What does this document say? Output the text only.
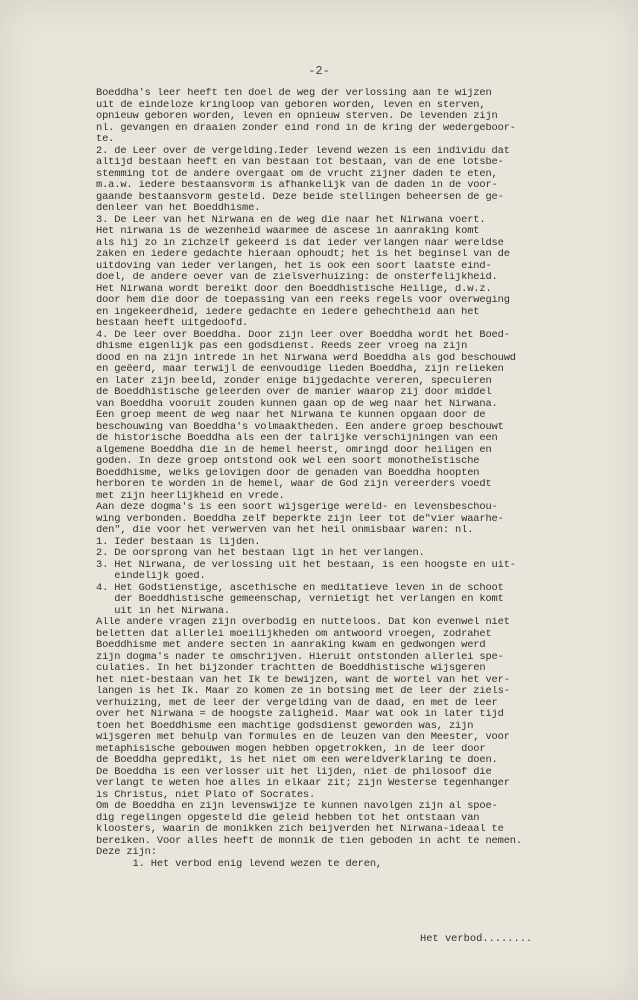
-2-
Boeddha's leer heeft ten doel de weg der verlossing aan te wijzen
uit de eindeloze kringloop van geboren worden, leven en sterven,
opnieuw geboren worden, leven en opnieuw sterven. De levenden zijn
nl. gevangen en draaien zonder eind rond in de kring der wedergeboor-
te.
2. de Leer over de vergelding.Ieder levend wezen is een individu dat
altijd bestaan heeft en van bestaan tot bestaan, van de ene lotsbe-
stemming tot de andere overgaat om de vrucht zijner daden te eten,
m.a.w. iedere bestaansvorm is afhankelijk van de daden in de voor-
gaande bestaansvorm gesteld. Deze beide stellingen beheersen de ge-
denleer van het Boeddhisme.
3. De Leer van het Nirwana en de weg die naar het Nirwana voert.
Het nirwana is de wezenheid waarmee de ascese in aanraking komt
als hij zo in zichzelf gekeerd is dat ieder verlangen naar wereldse
zaken en iedere gedachte hieraan ophoudt; het is het beginsel van de
uitdoving van ieder verlangen, het is ook een soort laatste eind-
doel, de andere oever van de zielsverhuizing: de onsterfelijkheid.
Het Nirwana wordt bereikt door den Boeddhistische Heilige, d.w.z.
door hem die door de toepassing van een reeks regels voor overweging
en ingekeerdheid, iedere gedachte en iedere gehechtheid aan het
bestaan heeft uitgedoofd.
4. De leer over Boeddha. Door zijn leer over Boeddha wordt het Boed-
dhisme eigenlijk pas een godsdienst. Reeds zeer vroeg na zijn
dood en na zijn intrede in het Nirwana werd Boeddha als god beschouwd
en geëerd, maar terwijl de eenvoudige lieden Boeddha, zijn relieken
en later zijn beeld, zonder enige bijgedachte vereren, speculeren
de Boeddhistische geleerden over de manier waarop zij door middel
van Boeddha vooruit zouden kunnen gaan op de weg naar het Nirwana.
Een groep meent de weg naar het Nirwana te kunnen opgaan door de
beschouwing van Boeddha's volmaaktheden. Een andere groep beschouwt
de historische Boeddha als een der talrijke verschijningen van een
algemene Boeddha die in de hemel heerst, omringd door heiligen en
goden. In deze groep ontstond ook wel een soort monotheïstische
Boeddhisme, welks gelovigen door de genaden van Boeddha hoopten
herboren te worden in de hemel, waar de God zijn vereerders voedt
met zijn heerlijkheid en vrede.
Aan deze dogma's is een soort wijsgerige wereld- en levensbeschou-
wing verbonden. Boeddha zelf beperkte zijn leer tot de"vier waarhe-
den", die voor het verwerven van het heil onmisbaar waren: nl.
1. Ieder bestaan is lijden.
2. De oorsprong van het bestaan ligt in het verlangen.
3. Het Nirwana, de verlossing uit het bestaan, is een hoogste en uit-
eindelijk goed.
4. Het Godstienstige, ascethische en meditatieve leven in de schoot
der Boeddhistische gemeenschap, vernietigt het verlangen en komt
uit in het Nirwana.
Alle andere vragen zijn overbodig en nutteloos. Dat kon evenwel niet
beletten dat allerlei moeilijkheden om antwoord vroegen, zodrahet
Boeddhisme met andere secten in aanraking kwam en gedwongen werd
zijn dogma's nader te omschrijven. Hieruit ontstonden allerlei spe-
culaties. In het bijzonder trachtten de Boeddhistische wijsgeren
het niet-bestaan van het Ik te bewijzen, want de wortel van het ver-
langen is het Ik. Maar zo komen ze in botsing met de leer der ziels-
verhuizing, met de leer der vergelding van de daad, en met de leer
over het Nirwana = de hoogste zaligheid. Maar wat ook in later tijd
toen het Boeddhisme een machtige godsdienst geworden was, zijn
wijsgeren met behulp van formules en de leuzen van den Meester, voor
metaphisische gebouwen mogen hebben opgetrokken, in de leer door
de Boeddha gepredikt, is het niet om een wereldverklaring te doen.
De Boeddha is een verlosser uit het lijden, niet de philosoof die
verlangt te weten hoe alles in elkaar zit; zijn Westerse tegenhanger
is Christus, niet Plato of Socrates.
Om de Boeddha en zijn levenswijze te kunnen navolgen zijn al spoe-
dig regelingen opgesteld die geleid hebben tot het ontstaan van
kloosters, waarin de monikken zich beijverden het Nirwana-ideaal te
bereiken. Voor alles heeft de monnik de tien geboden in acht te nemen.
Deze zijn:
1. Het verbod enig levend wezen te deren,
Het verbod........
